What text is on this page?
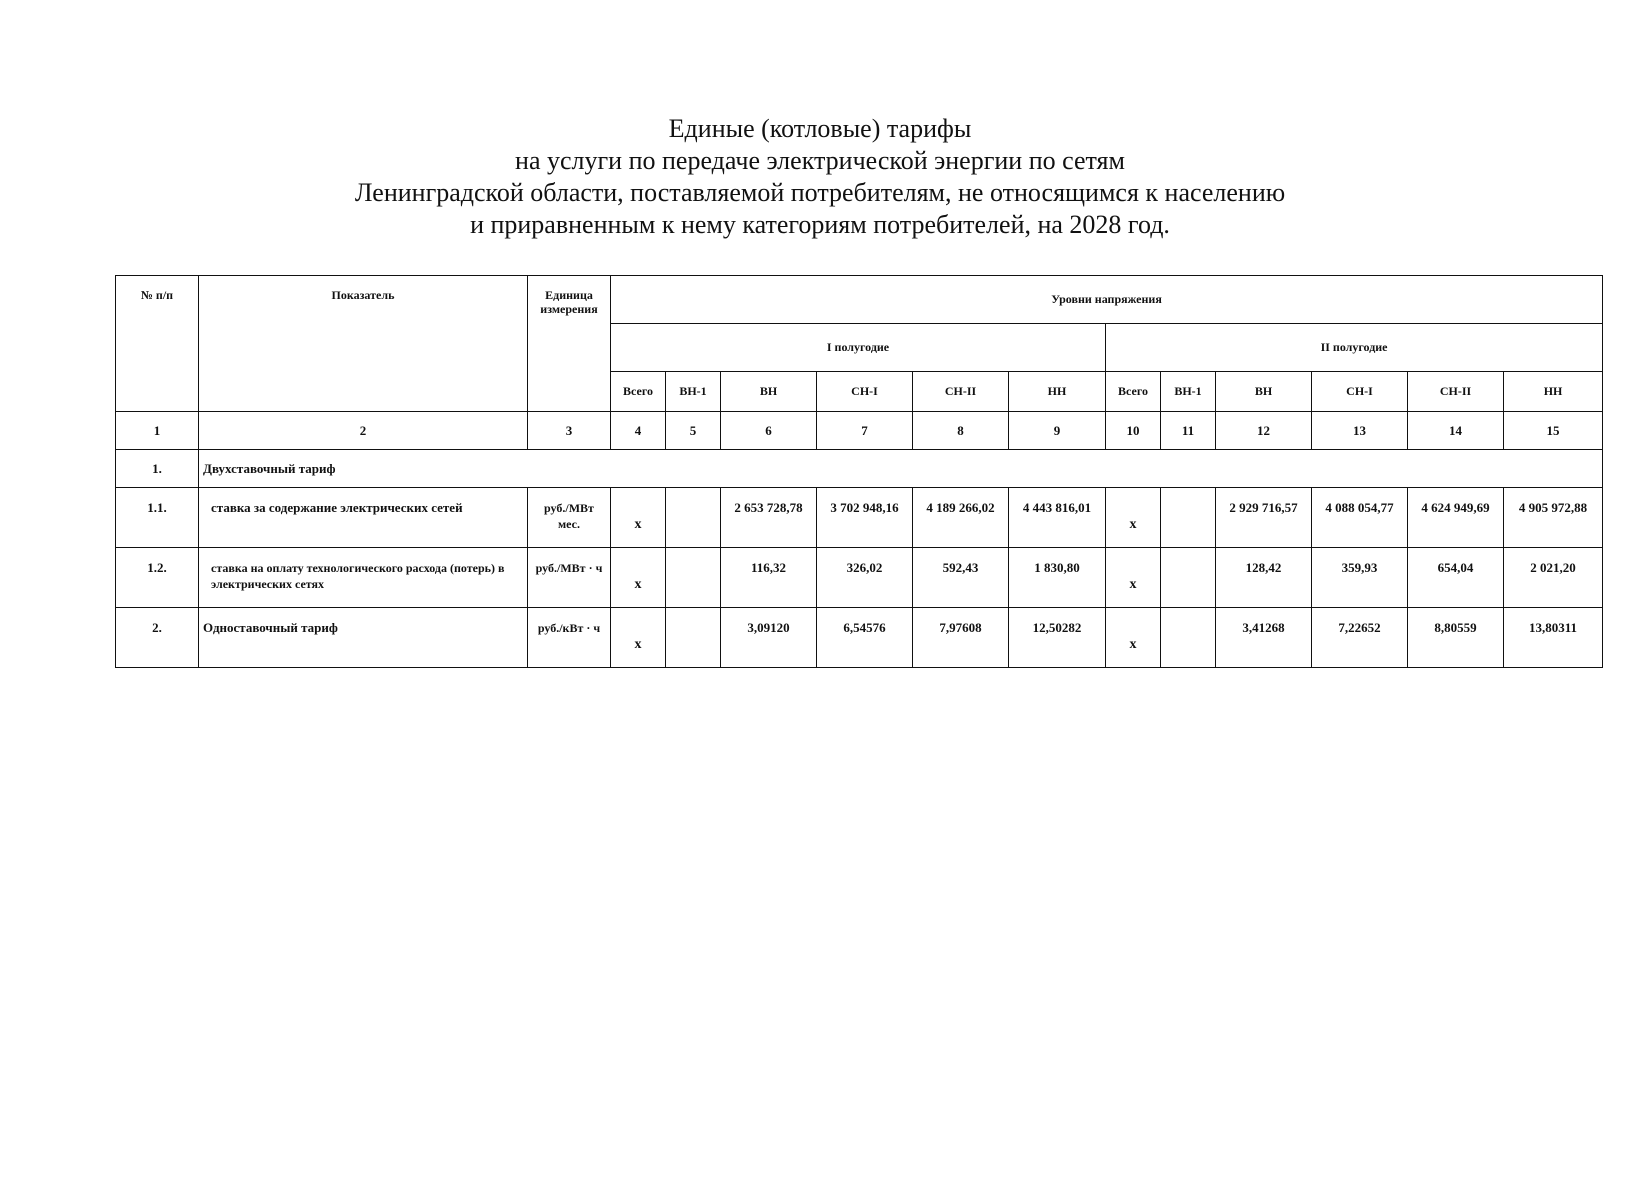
Единые (котловые) тарифы
на услуги по передаче электрической энергии по сетям
Ленинградской области, поставляемой потребителям, не относящимся к населению
и приравненным к нему категориям потребителей, на 2028 год.
№ п/п	Показатель	Единица измерения	Уровни напряжения											
			I полугодие						II полугодие					
			Всего	ВН-1	ВН	СН-I	СН-II	НН	Всего	ВН-1	ВН	СН-I	СН-II	НН
1	2	3	4	5	6	7	8	9	10	11	12	13	14	15
1.	Двухставочный тариф													
1.1.	ставка за содержание электрических сетей	руб./МВт мес.	х		2 653 728,78	3 702 948,16	4 189 266,02	4 443 816,01	х		2 929 716,57	4 088 054,77	4 624 949,69	4 905 972,88
1.2.	ставка на оплату технологического расхода (потерь) в электрических сетях	руб./МВт · ч	х		116,32	326,02	592,43	1 830,80	х		128,42	359,93	654,04	2 021,20
2.	Одноставочный тариф	руб./кВт · ч	х		3,09120	6,54576	7,97608	12,50282	х		3,41268	7,22652	8,80559	13,80311
